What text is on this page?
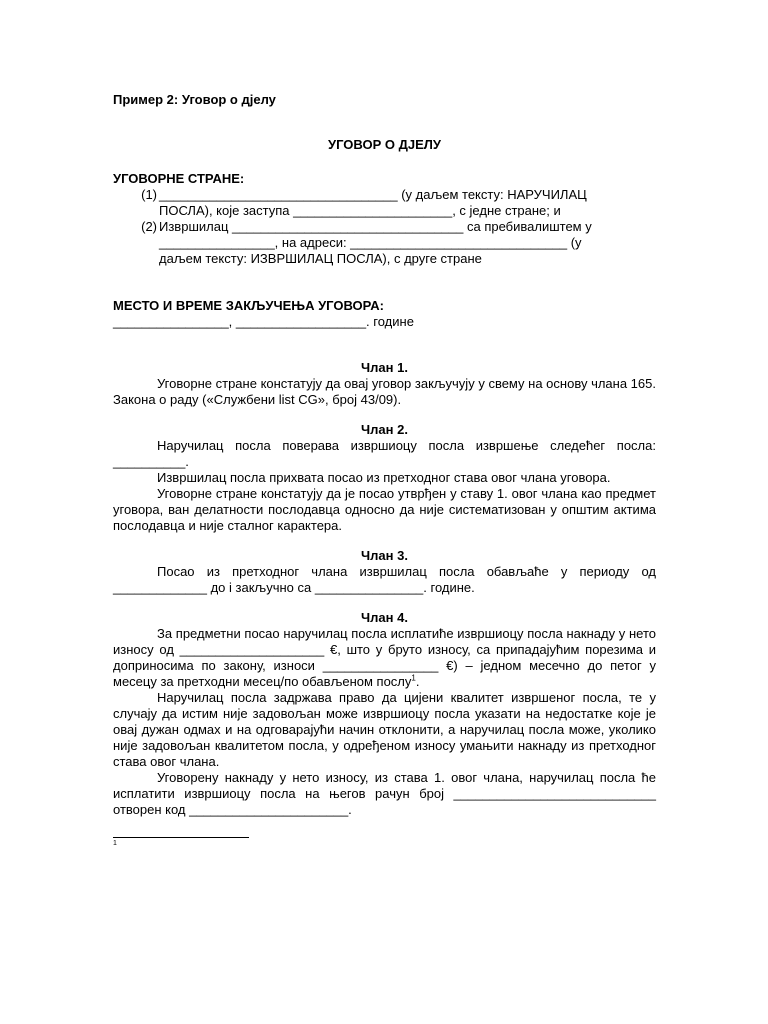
Пример 2: Уговор о дјелу

УГОВОР О ДЈЕЛУ

УГОВОРНЕ СТРАНЕ:

(1) _________________________________ (у даљем тексту: НАРУЧИЛАЦ

ПОСЛА), које заступа ______________________, с једне стране; и

(2) Извршилац ________________________________ са пребивалиштем у

________________, на адреси: ______________________________ (у

даљем тексту: ИЗВРШИЛАЦ ПОСЛА), с друге стране

МЕСТО И ВРЕМЕ ЗАКЉУЧЕЊА УГОВОРА:

________________, __________________. године

Члан 1.

Уговорне стране констатују да овај уговор закључују у свему на основу члана 165. Закона о раду («Службени list CG», број 43/09).

Члан 2.

Наручилац посла поверава извршиоцу посла извршење следећег посла: __________.

Извршилац посла прихвата посао из претходног става овог члана уговора.

Уговорне стране констатују да је посао утврђен у ставу 1. овог члана као предмет уговора, ван делатности послодавца односно да није систематизован у општим актима послодавца и није сталног карактера.

Члан 3.

Посао из претходног члана извршилац посла обављаће у периоду од _____________ до і закључно са _______________. године.

Члан 4.

За предметни посао наручилац посла исплатиће извршиоцу посла накнаду у нето износу од ____________________ €, што у бруто износу, са припадајућим порезима и доприносима по закону, износи ________________ €) – једном месечно до петог у месецу за претходни месец/по обављеном послу$^1$.

Наручилац посла задржава право да цијени квалитет извршеног посла, те у случају да истим није задовољан може извршиоцу посла указати на недостатке које је овај дужан одмах и на одговарајући начин отклонити, а наручилац посла може, уколико није задовољан квалитетом посла, у одређеном износу умањити накнаду из претходног става овог члана.

Уговорену накнаду у нето износу, из става 1. овог члана, наручилац посла ће исплатити извршиоцу посла на његов рачун број ____________________________ отворен код ______________________.

1
